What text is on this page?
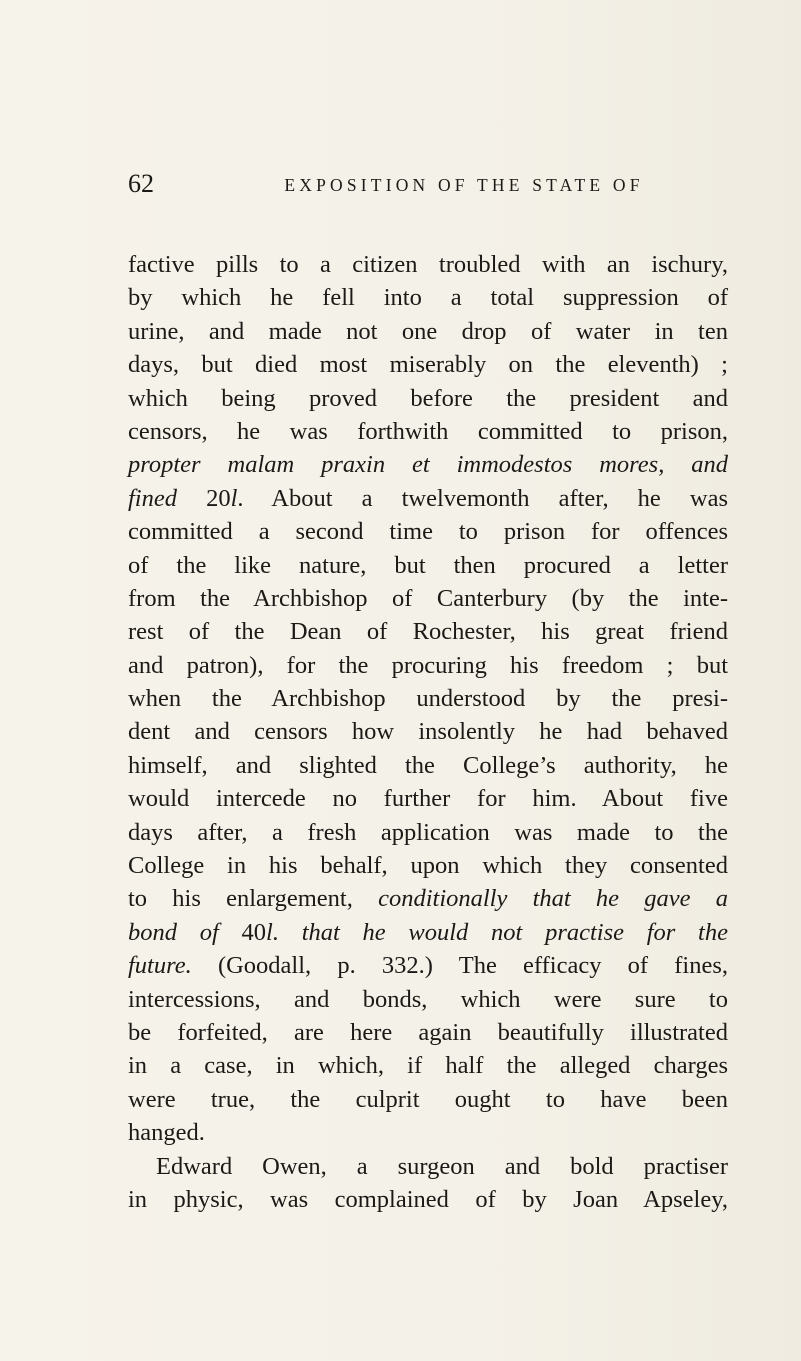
62	EXPOSITION OF THE STATE OF
factive pills to a citizen troubled with an ischury,
by which he fell into a total suppression of
urine, and made not one drop of water in ten
days, but died most miserably on the eleventh) ;
which being proved before the president and
censors, he was forthwith committed to prison,
propter malam praxin et immodestos mores, and
fined 20l. About a twelvemonth after, he was
committed a second time to prison for offences
of the like nature, but then procured a letter
from the Archbishop of Canterbury (by the inte-
rest of the Dean of Rochester, his great friend
and patron), for the procuring his freedom ; but
when the Archbishop understood by the presi-
dent and censors how insolently he had behaved
himself, and slighted the College’s authority, he
would intercede no further for him. About five
days after, a fresh application was made to the
College in his behalf, upon which they consented
to his enlargement, conditionally that he gave a
bond of 40l. that he would not practise for the
future. (Goodall, p. 332.) The efficacy of fines,
intercessions, and bonds, which were sure to
be forfeited, are here again beautifully illustrated
in a case, in which, if half the alleged charges
were true, the culprit ought to have been
hanged.
Edward Owen, a surgeon and bold practiser
in physic, was complained of by Joan Apseley,
